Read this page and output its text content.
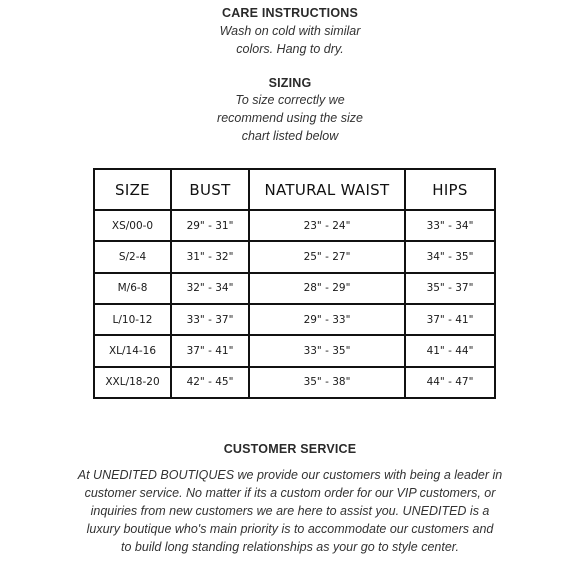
CARE INSTRUCTIONS
Wash on cold with similar
colors. Hang to dry.
SIZING
To size correctly we
recommend using the size
chart listed below
SIZE	BUST	NATURAL WAIST	HIPS
XS/00-0	29" - 31"	23" - 24"	33" - 34"
S/2-4	31" - 32"	25" - 27"	34" - 35"
M/6-8	32" - 34"	28" - 29"	35" - 37"
L/10-12	33" - 37"	29" - 33"	37" - 41"
XL/14-16	37" - 41"	33" - 35"	41" - 44"
XXL/18-20	42" - 45"	35" - 38"	44" - 47"
CUSTOMER SERVICE
At UNEDITED BOUTIQUES we provide our customers with being a leader in
customer service. No matter if its a custom order for our VIP customers, or
inquiries from new customers we are here to assist you. UNEDITED is a
luxury boutique who's main priority is to accommodate our customers and
to build long standing relationships as your go to style center.
